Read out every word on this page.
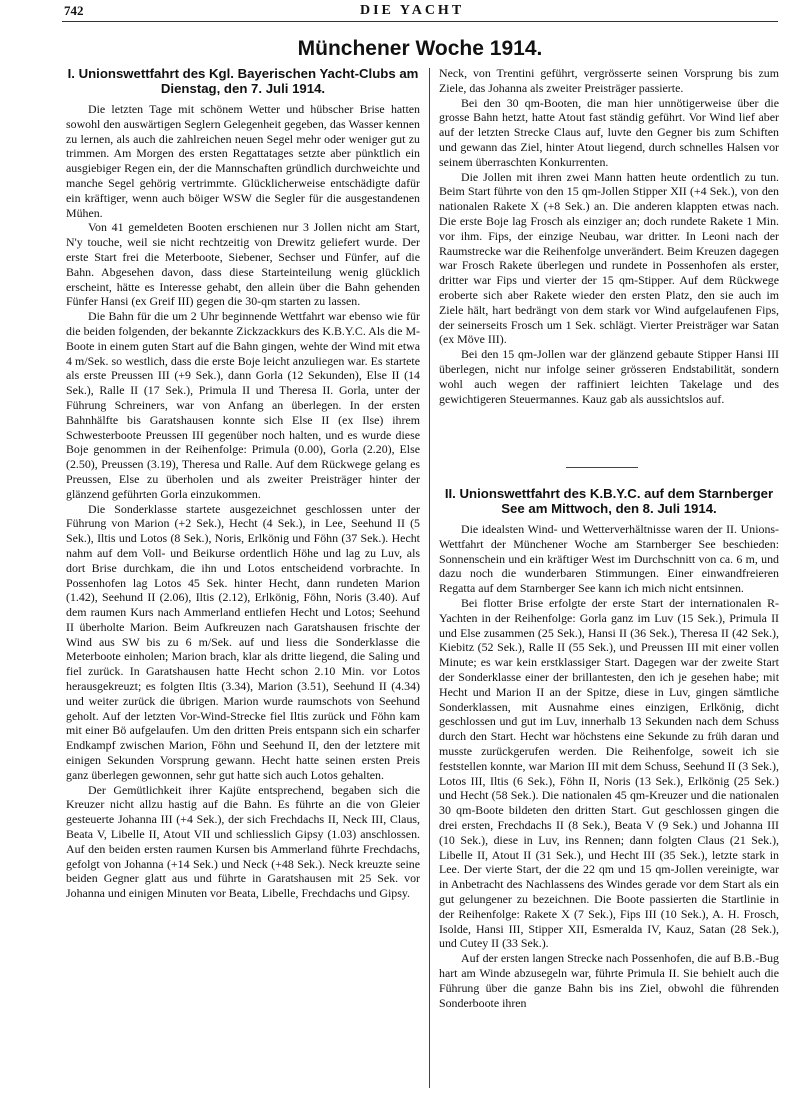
742	DIE YACHT
Münchener Woche 1914.
I. Unionswettfahrt des Kgl. Bayerischen Yacht-Clubs am Dienstag, den 7. Juli 1914.

Die letzten Tage mit schönem Wetter und hübscher Brise hatten sowohl den auswärtigen Seglern Gelegenheit gegeben, das Wasser kennen zu lernen, als auch die zahlreichen neuen Segel mehr oder weniger gut zu trimmen. Am Morgen des ersten Regattatages setzte aber pünktlich ein ausgiebiger Regen ein, der die Mannschaften gründlich durchweichte und manche Segel gehörig vertrimmte. Glücklicherweise entschädigte dafür ein kräftiger, wenn auch böiger WSW die Segler für die ausgestandenen Mühen.

Von 41 gemeldeten Booten erschienen nur 3 Jollen nicht am Start, N'y touche, weil sie nicht rechtzeitig von Drewitz geliefert wurde. Der erste Start frei die Meterboote, Siebener, Sechser und Fünfer, auf die Bahn. Abgesehen davon, dass diese Starteinteilung wenig glücklich erscheint, hätte es Interesse gehabt, den allein über die Bahn gehenden Fünfer Hansi (ex Greif III) gegen die 30-qm starten zu lassen.

Die Bahn für die um 2 Uhr beginnende Wettfahrt war ebenso wie für die beiden folgenden, der bekannte Zickzackkurs des K.B.Y.C. Als die M-Boote in einem guten Start auf die Bahn gingen, wehte der Wind mit etwa 4 m/Sek. so westlich, dass die erste Boje leicht anzuliegen war. Es startete als erste Preussen III (+9 Sek.), dann Gorla (12 Sekunden), Else II (14 Sek.), Ralle II (17 Sek.), Primula II und Theresa II. Gorla, unter der Führung Schreiners, war von Anfang an überlegen. In der ersten Bahnhälfte bis Garatshausen konnte sich Else II (ex Ilse) ihrem Schwesterboote Preussen III gegenüber noch halten, und es wurde diese Boje genommen in der Reihenfolge: Primula (0.00), Gorla (2.20), Else (2.50), Preussen (3.19), Theresa und Ralle. Auf dem Rückwege gelang es Preussen, Else zu überholen und als zweiter Preisträger hinter der glänzend geführten Gorla einzukommen.

Die Sonderklasse startete ausgezeichnet geschlossen unter der Führung von Marion (+2 Sek.), Hecht (4 Sek.), in Lee, Seehund II (5 Sek.), Iltis und Lotos (8 Sek.), Noris, Erlkönig und Föhn (37 Sek.). Hecht nahm auf dem Voll- und Beikurse ordentlich Höhe und lag zu Luv, als dort Brise durchkam, die ihn und Lotos entscheidend vorbrachte. In Possenhofen lag Lotos 45 Sek. hinter Hecht, dann rundeten Marion (1.42), Seehund II (2.06), Iltis (2.12), Erlkönig, Föhn, Noris (3.40). Auf dem raumen Kurs nach Ammerland entliefen Hecht und Lotos; Seehund II überholte Marion. Beim Aufkreuzen nach Garatshausen frischte der Wind aus SW bis zu 6 m/Sek. auf und liess die Sonderklasse die Meterboote einholen; Marion brach, klar als dritte liegend, die Saling und fiel zurück. In Garatshausen hatte Hecht schon 2.10 Min. vor Lotos herausgekreuzt; es folgten Iltis (3.34), Marion (3.51), Seehund II (4.34) und weiter zurück die übrigen. Marion wurde raumschots von Seehund geholt. Auf der letzten Vor-Wind-Strecke fiel Iltis zurück und Föhn kam mit einer Bö aufgelaufen. Um den dritten Preis entspann sich ein scharfer Endkampf zwischen Marion, Föhn und Seehund II, den der letztere mit einigen Sekunden Vorsprung gewann. Hecht hatte seinen ersten Preis ganz überlegen gewonnen, sehr gut hatte sich auch Lotos gehalten.

Der Gemütlichkeit ihrer Kajüte entsprechend, begaben sich die Kreuzer nicht allzu hastig auf die Bahn. Es führte an die von Gleier gesteuerte Johanna III (+4 Sek.), der sich Frechdachs II, Neck III, Claus, Beata V, Libelle II, Atout VII und schliesslich Gipsy (1.03) anschlossen. Auf den beiden ersten raumen Kursen bis Ammerland führte Frechdachs, gefolgt von Johanna (+14 Sek.) und Neck (+48 Sek.). Neck kreuzte seine beiden Gegner glatt aus und führte in Garatshausen mit 25 Sek. vor Johanna und einigen Minuten vor Beata, Libelle, Frechdachs und Gipsy.

Neck, von Trentini geführt, vergrösserte seinen Vorsprung bis zum Ziele, das Johanna als zweiter Preisträger passierte.

Bei den 30 qm-Booten, die man hier unnötigerweise über die grosse Bahn hetzt, hatte Atout fast ständig geführt. Vor Wind lief aber auf der letzten Strecke Claus auf, luvte den Gegner bis zum Schiften und gewann das Ziel, hinter Atout liegend, durch schnelles Halsen vor seinem überraschten Konkurrenten.

Die Jollen mit ihren zwei Mann hatten heute ordentlich zu tun. Beim Start führte von den 15 qm-Jollen Stipper XII (+4 Sek.), von den nationalen Rakete X (+8 Sek.) an. Die anderen klappten etwas nach. Die erste Boje lag Frosch als einziger an; doch rundete Rakete 1 Min. vor ihm. Fips, der einzige Neubau, war dritter. In Leoni nach der Raumstrecke war die Reihenfolge unverändert. Beim Kreuzen dagegen war Frosch Rakete überlegen und rundete in Possenhofen als erster, dritter war Fips und vierter der 15 qm-Stipper. Auf dem Rückwege eroberte sich aber Rakete wieder den ersten Platz, den sie auch im Ziele hält, hart bedrängt von dem stark vor Wind aufgelaufenen Fips, der seinerseits Frosch um 1 Sek. schlägt. Vierter Preisträger war Satan (ex Möve III).

Bei den 15 qm-Jollen war der glänzend gebaute Stipper Hansi III überlegen, nicht nur infolge seiner grösseren Endstabilität, sondern wohl auch wegen der raffiniert leichten Takelage und des gewichtigeren Steuermannes. Kauz gab als aussichtslos auf.

II. Unionswettfahrt des K.B.Y.C. auf dem Starnberger See am Mittwoch, den 8. Juli 1914.

Die idealsten Wind- und Wetterverhältnisse waren der II. Unions-Wettfahrt der Münchener Woche am Starnberger See beschieden: Sonnenschein und ein kräftiger West im Durchschnitt von ca. 6 m, und dazu noch die wunderbaren Stimmungen. Einer einwandfreieren Regatta auf dem Starnberger See kann ich mich nicht entsinnen.

Bei flotter Brise erfolgte der erste Start der internationalen R-Yachten in der Reihenfolge: Gorla ganz im Luv (15 Sek.), Primula II und Else zusammen (25 Sek.), Hansi II (36 Sek.), Theresa II (42 Sek.), Kiebitz (52 Sek.), Ralle II (55 Sek.), und Preussen III mit einer vollen Minute; es war kein erstklassiger Start. Dagegen war der zweite Start der Sonderklasse einer der brillantesten, den ich je gesehen habe; mit Hecht und Marion II an der Spitze, diese in Luv, gingen sämtliche Sonderklassen, mit Ausnahme eines einzigen, Erlkönig, dicht geschlossen und gut im Luv, innerhalb 13 Sekunden nach dem Schuss durch den Start. Hecht war höchstens eine Sekunde zu früh daran und musste zurückgerufen werden. Die Reihenfolge, soweit ich sie feststellen konnte, war Marion III mit dem Schuss, Seehund II (3 Sek.), Lotos III, Iltis (6 Sek.), Föhn II, Noris (13 Sek.), Erlkönig (25 Sek.) und Hecht (58 Sek.). Die nationalen 45 qm-Kreuzer und die nationalen 30 qm-Boote bildeten den dritten Start. Gut geschlossen gingen die drei ersten, Frechdachs II (8 Sek.), Beata V (9 Sek.) und Johanna III (10 Sek.), diese in Luv, ins Rennen; dann folgten Claus (21 Sek.), Libelle II, Atout II (31 Sek.), und Hecht III (35 Sek.), letzte stark in Lee. Der vierte Start, der die 22 qm und 15 qm-Jollen vereinigte, war in Anbetracht des Nachlassens des Windes gerade vor dem Start als ein gut gelungener zu bezeichnen. Die Boote passierten die Startlinie in der Reihenfolge: Rakete X (7 Sek.), Fips III (10 Sek.), A. H. Frosch, Isolde, Hansi III, Stipper XII, Esmeralda IV, Kauz, Satan (28 Sek.), und Cutey II (33 Sek.).

Auf der ersten langen Strecke nach Possenhofen, die auf B.B.-Bug hart am Winde abzusegeln war, führte Primula II. Sie behielt auch die Führung über die ganze Bahn bis ins Ziel, obwohl die führenden Sonderboote ihren
